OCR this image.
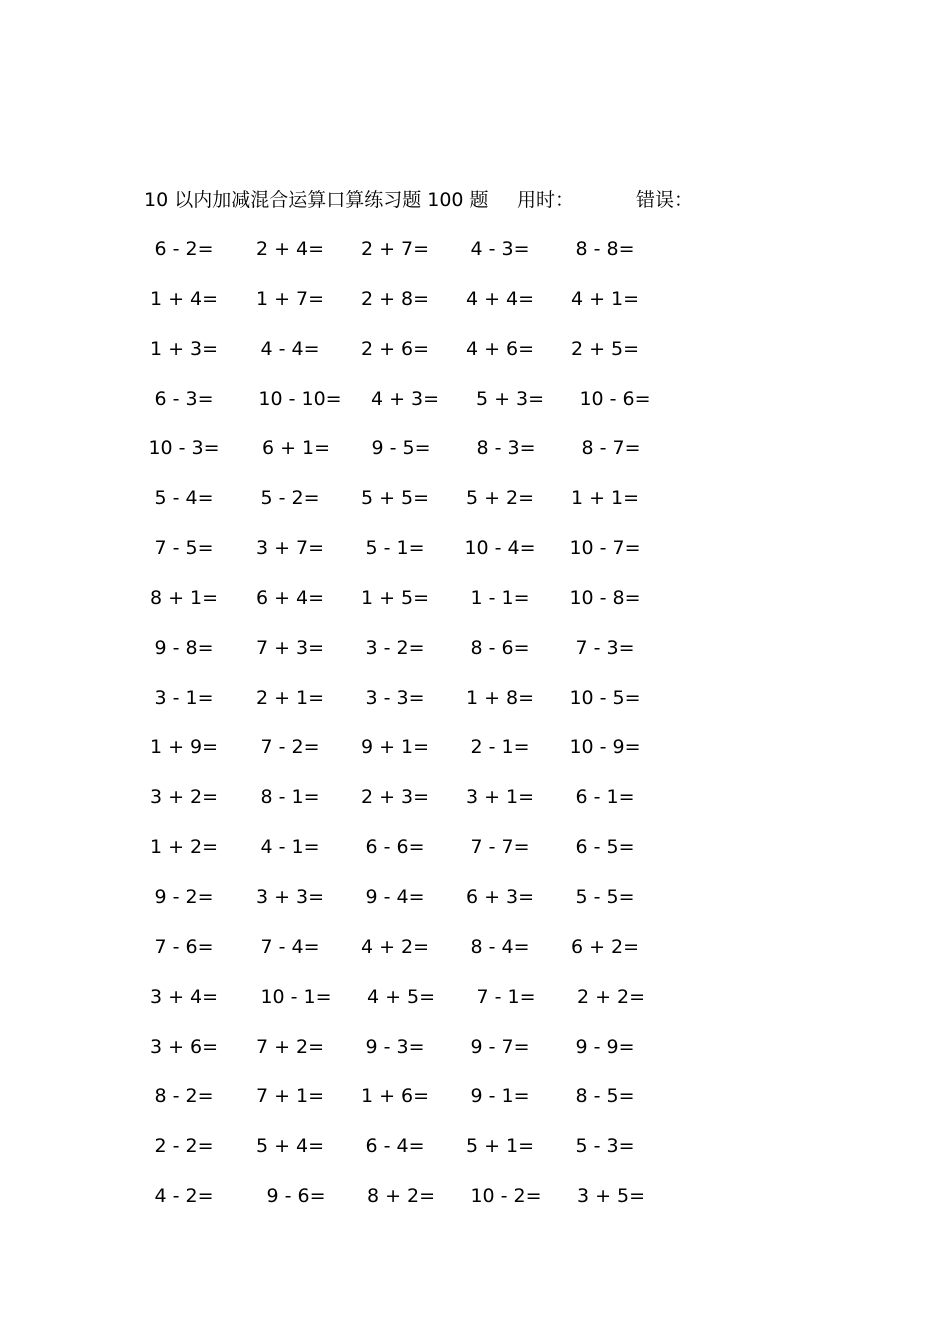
10 以内加减混合运算口算练习题 100 题 用时：	错误：
6 - 2=	2 + 4=	2 + 7=	4 - 3=	8 - 8=
1 + 4=	1 + 7=	2 + 8=	4 + 4=	4 + 1=
1 + 3=	4 - 4=	2 + 6=	4 + 6=	2 + 5=
6 - 3=	10 - 10=	4 + 3=	5 + 3=	10 - 6=
10 - 3=	6 + 1=	9 - 5=	8 - 3=	8 - 7=
5 - 4=	5 - 2=	5 + 5=	5 + 2=	1 + 1=
7 - 5=	3 + 7=	5 - 1=	10 - 4=	10 - 7=
8 + 1=	6 + 4=	1 + 5=	1 - 1=	10 - 8=
9 - 8=	7 + 3=	3 - 2=	8 - 6=	7 - 3=
3 - 1=	2 + 1=	3 - 3=	1 + 8=	10 - 5=
1 + 9=	7 - 2=	9 + 1=	2 - 1=	10 - 9=
3 + 2=	8 - 1=	2 + 3=	3 + 1=	6 - 1=
1 + 2=	4 - 1=	6 - 6=	7 - 7=	6 - 5=
9 - 2=	3 + 3=	9 - 4=	6 + 3=	5 - 5=
7 - 6=	7 - 4=	4 + 2=	8 - 4=	6 + 2=
3 + 4=	10 - 1=	4 + 5=	7 - 1=	2 + 2=
3 + 6=	7 + 2=	9 - 3=	9 - 7=	9 - 9=
8 - 2=	7 + 1=	1 + 6=	9 - 1=	8 - 5=
2 - 2=	5 + 4=	6 - 4=	5 + 1=	5 - 3=
4 - 2=	9 - 6=	8 + 2=	10 - 2=	3 + 5=
